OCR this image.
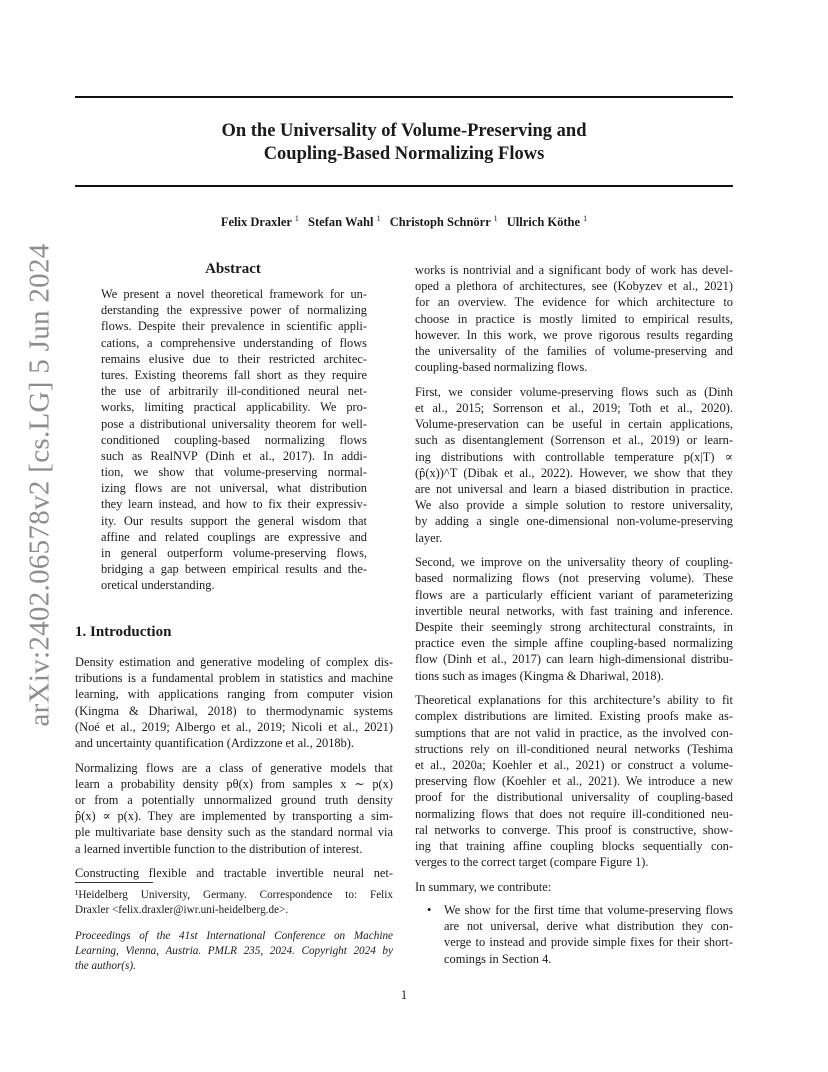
arXiv:2402.06578v2 [cs.LG] 5 Jun 2024
On the Universality of Volume-Preserving and
Coupling-Based Normalizing Flows
Felix Draxler $^1$ Stefan Wahl $^1$ Christoph Schnörr $^1$ Ullrich Köthe $^1$
Abstract
We present a novel theoretical framework for un-
derstanding the expressive power of normalizing
flows. Despite their prevalence in scientific appli-
cations, a comprehensive understanding of flows
remains elusive due to their restricted architec-
tures. Existing theorems fall short as they require
the use of arbitrarily ill-conditioned neural net-
works, limiting practical applicability. We pro-
pose a distributional universality theorem for well-
conditioned coupling-based normalizing flows
such as RealNVP (Dinh et al., 2017). In addi-
tion, we show that volume-preserving normal-
izing flows are not universal, what distribution
they learn instead, and how to fix their expressiv-
ity. Our results support the general wisdom that
affine and related couplings are expressive and
in general outperform volume-preserving flows,
bridging a gap between empirical results and the-
oretical understanding.
1. Introduction
Density estimation and generative modeling of complex dis-
tributions is a fundamental problem in statistics and machine
learning, with applications ranging from computer vision
(Kingma & Dhariwal, 2018) to thermodynamic systems
(Noé et al., 2019; Albergo et al., 2019; Nicoli et al., 2021)
and uncertainty quantification (Ardizzone et al., 2018b).
Normalizing flows are a class of generative models that
learn a probability density pθ(x) from samples x ∼ p(x)
or from a potentially unnormalized ground truth density
p̂(x) ∝ p(x). They are implemented by transporting a sim-
ple multivariate base density such as the standard normal via
a learned invertible function to the distribution of interest.
Constructing flexible and tractable invertible neural net-
¹Heidelberg University, Germany. Correspondence to: Felix
Draxler <felix.draxler@iwr.uni-heidelberg.de>.
Proceedings of the 41st International Conference on Machine
Learning, Vienna, Austria. PMLR 235, 2024. Copyright 2024 by
the author(s).
works is nontrivial and a significant body of work has devel-
oped a plethora of architectures, see (Kobyzev et al., 2021)
for an overview. The evidence for which architecture to
choose in practice is mostly limited to empirical results,
however. In this work, we prove rigorous results regarding
the universality of the families of volume-preserving and
coupling-based normalizing flows.
First, we consider volume-preserving flows such as (Dinh
et al., 2015; Sorrenson et al., 2019; Toth et al., 2020).
Volume-preservation can be useful in certain applications,
such as disentanglement (Sorrenson et al., 2019) or learn-
ing distributions with controllable temperature p(x|T) ∝
(p̂(x))^T (Dibak et al., 2022). However, we show that they
are not universal and learn a biased distribution in practice.
We also provide a simple solution to restore universality,
by adding a single one-dimensional non-volume-preserving
layer.
Second, we improve on the universality theory of coupling-
based normalizing flows (not preserving volume). These
flows are a particularly efficient variant of parameterizing
invertible neural networks, with fast training and inference.
Despite their seemingly strong architectural constraints, in
practice even the simple affine coupling-based normalizing
flow (Dinh et al., 2017) can learn high-dimensional distribu-
tions such as images (Kingma & Dhariwal, 2018).
Theoretical explanations for this architecture’s ability to fit
complex distributions are limited. Existing proofs make as-
sumptions that are not valid in practice, as the involved con-
structions rely on ill-conditioned neural networks (Teshima
et al., 2020a; Koehler et al., 2021) or construct a volume-
preserving flow (Koehler et al., 2021). We introduce a new
proof for the distributional universality of coupling-based
normalizing flows that does not require ill-conditioned neu-
ral networks to converge. This proof is constructive, show-
ing that training affine coupling blocks sequentially con-
verges to the correct target (compare Figure 1).
In summary, we contribute:
• We show for the first time that volume-preserving flows
are not universal, derive what distribution they con-
verge to instead and provide simple fixes for their short-
comings in Section 4.
1
